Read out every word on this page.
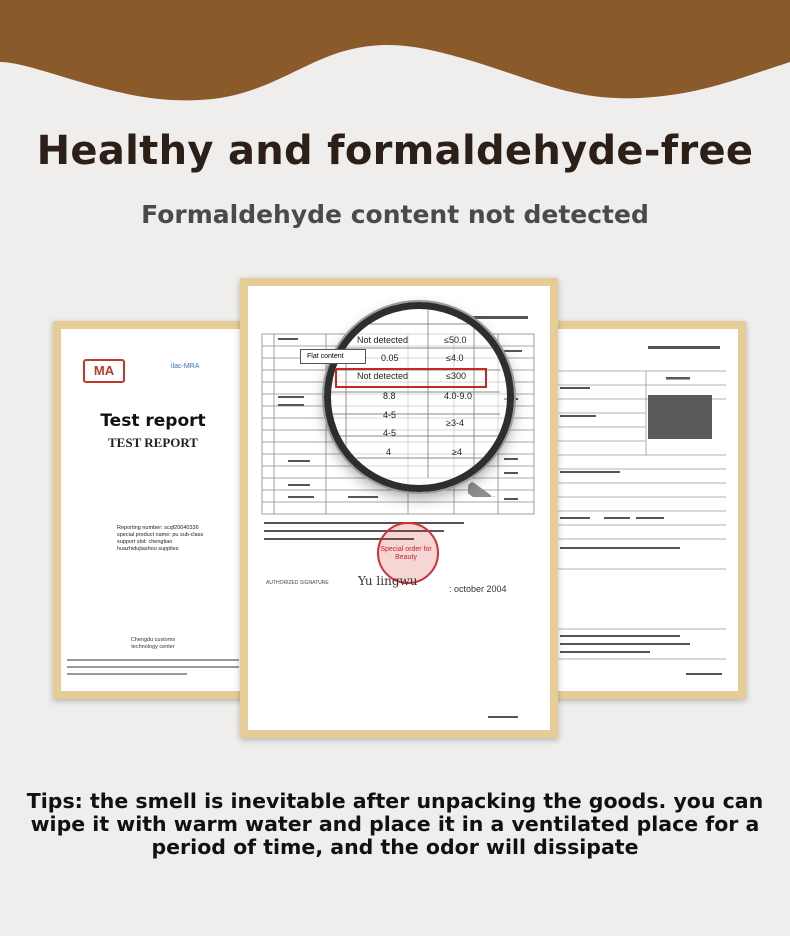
Healthy and formaldehyde-free
Formaldehyde content not detected
MA	ilac-MRA
Test report
TEST REPORT
Reporting number: scqf20040336
special product name: pu sub-class
support slot: chengtiao
huazhidujiashou supplies
Chengdu customs
technology center
Not detected
0.05
Not detected
8.8
4-5
4-5
4
≤50.0
≤4.0
≤300
4.0-9.0
≥3-4
≥4
Flat content
AUTHORIZED SIGNATURE
Special order for Beauty
Yu lingwu
: october 2004
Tips: the smell is inevitable after unpacking the goods. you can wipe it with warm water and place it in a ventilated place for a period of time, and the odor will dissipate
